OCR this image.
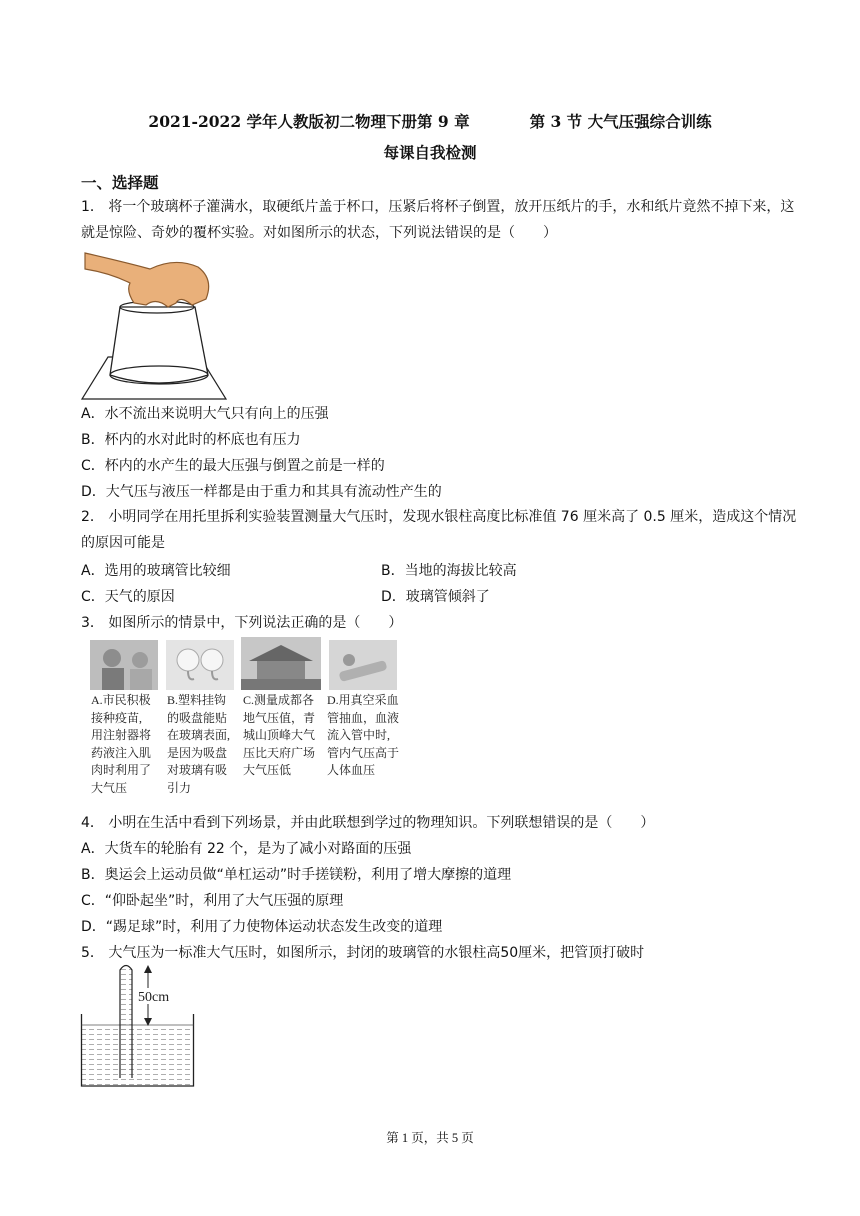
2021-2022 学年人教版初二物理下册第 9 章	第 3 节 大气压强综合训练
每课自我检测
一、选择题
1． 将一个玻璃杯子灌满水，取硬纸片盖于杯口，压紧后将杯子倒置，放开压纸片的手，水和纸片竟然不掉下来，这就是惊险、奇妙的覆杯实验。对如图所示的状态，下列说法错误的是（　　）
A．水不流出来说明大气只有向上的压强
B．杯内的水对此时的杯底也有压力
C．杯内的水产生的最大压强与倒置之前是一样的
D．大气压与液压一样都是由于重力和其具有流动性产生的
2． 小明同学在用托里拆利实验装置测量大气压时，发现水银柱高度比标准值 76 厘米高了 0.5 厘米，造成这个情况的原因可能是
A．选用的玻璃管比较细	B．当地的海拔比较高
C．天气的原因	D．玻璃管倾斜了
3． 如图所示的情景中，下列说法正确的是（　　）
A.市民积极
接种疫苗,
用注射器将
药液注入肌
肉时利用了
大气压
B.塑料挂钩
的吸盘能贴
在玻璃表面,
是因为吸盘
对玻璃有吸
引力
C.测量成都各
地气压值，青
城山顶峰大气
压比天府广场
大气压低
D.用真空采血
管抽血，血液
流入管中时,
管内气压高于
人体血压
4． 小明在生活中看到下列场景，并由此联想到学过的物理知识。下列联想错误的是（　　）
A．大货车的轮胎有 22 个，是为了减小对路面的压强
B．奥运会上运动员做“单杠运动”时手搓镁粉，利用了增大摩擦的道理
C．“仰卧起坐”时，利用了大气压强的原理
D．“踢足球”时，利用了力使物体运动状态发生改变的道理
5． 大气压为一标准大气压时，如图所示，封闭的玻璃管的水银柱高50厘米，把管顶打破时
50cm
第 1 页，共 5 页
